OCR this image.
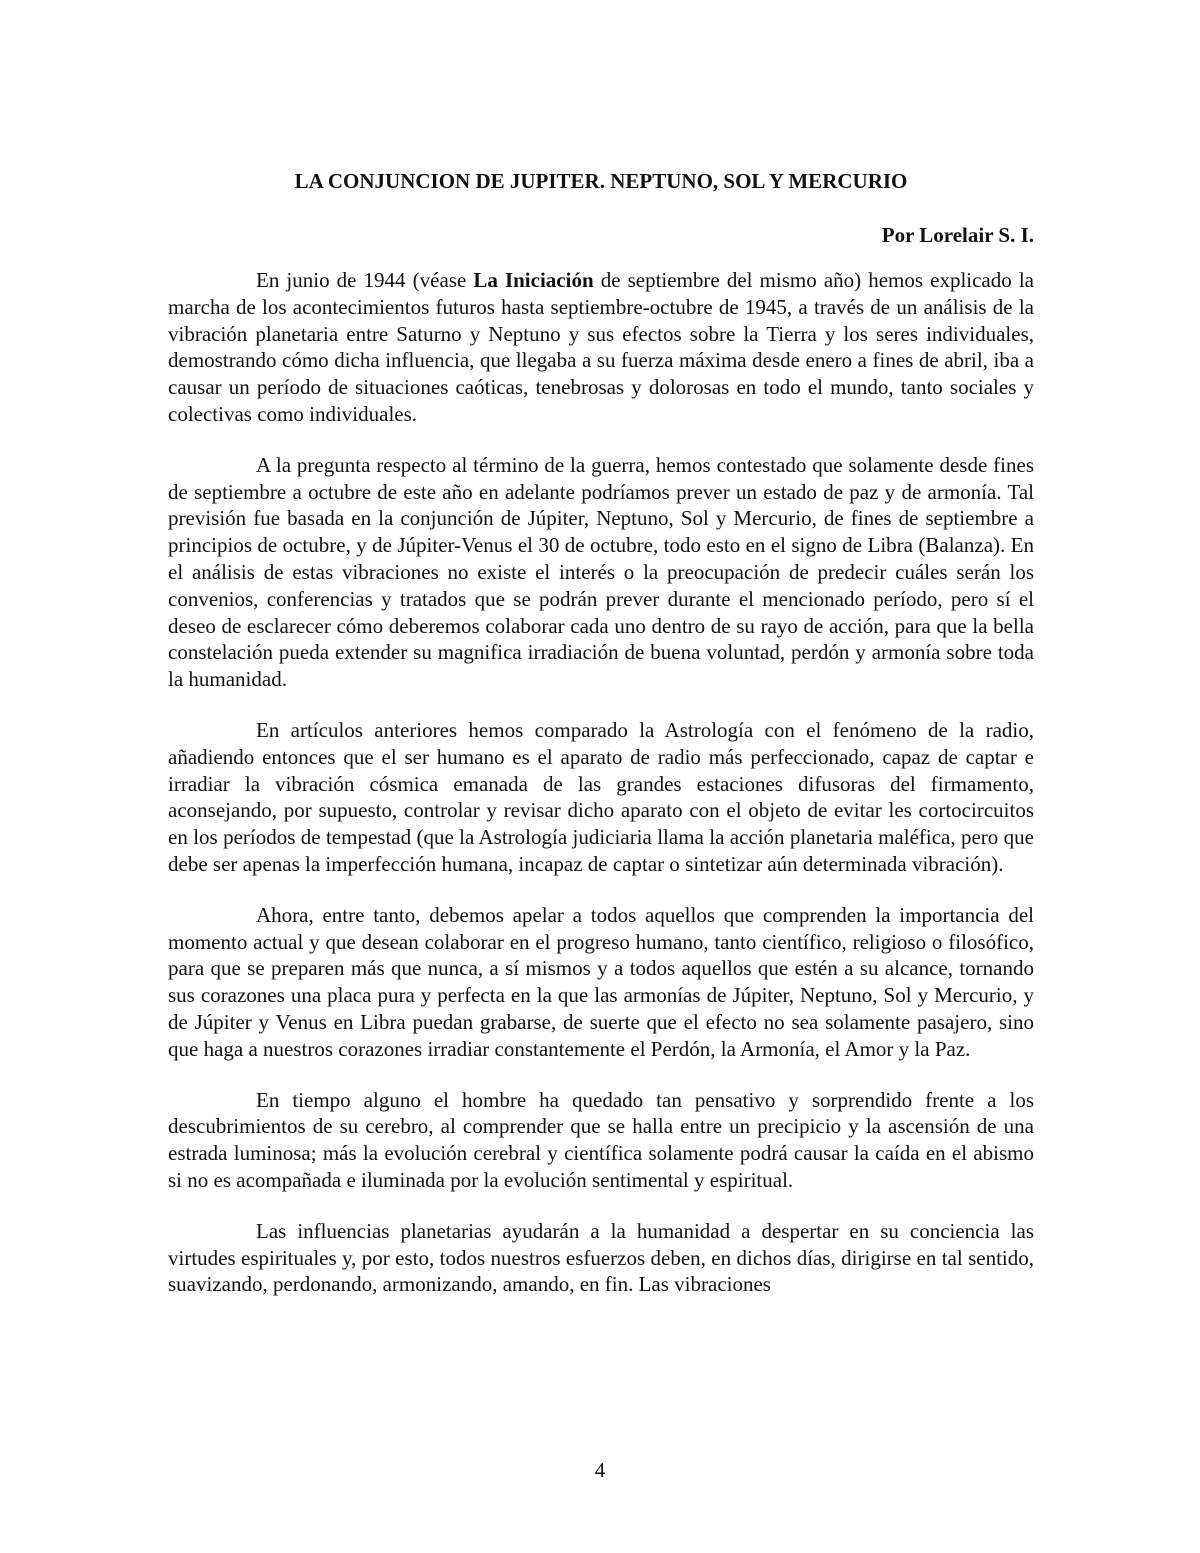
LA CONJUNCION DE JUPITER. NEPTUNO, SOL Y MERCURIO
Por Lorelair S. I.

En junio de 1944 (véase La Iniciación de septiembre del mismo año) hemos explicado la marcha de los acontecimientos futuros hasta septiembre-octubre de 1945, a través de un análisis de la vibración planetaria entre Saturno y Neptuno y sus efectos sobre la Tierra y los seres individuales, demostrando cómo dicha influencia, que llegaba a su fuerza máxima desde enero a fines de abril, iba a causar un período de situaciones caóticas, tenebrosas y dolorosas en todo el mundo, tanto sociales y colectivas como individuales.

A la pregunta respecto al término de la guerra, hemos contestado que solamente desde fines de septiembre a octubre de este año en adelante podríamos prever un estado de paz y de armonía. Tal previsión fue basada en la conjunción de Júpiter, Neptuno, Sol y Mercurio, de fines de septiembre a principios de octubre, y de Júpiter-Venus el 30 de octubre, todo esto en el signo de Libra (Balanza). En el análisis de estas vibraciones no existe el interés o la preocupación de predecir cuáles serán los convenios, conferencias y tratados que se podrán prever durante el mencionado período, pero sí el deseo de esclarecer cómo deberemos colaborar cada uno dentro de su rayo de acción, para que la bella constelación pueda extender su magnifica irradiación de buena voluntad, perdón y armonía sobre toda la humanidad.

En artículos anteriores hemos comparado la Astrología con el fenómeno de la radio, añadiendo entonces que el ser humano es el aparato de radio más perfeccionado, capaz de captar e irradiar la vibración cósmica emanada de las grandes estaciones difusoras del firmamento, aconsejando, por supuesto, controlar y revisar dicho aparato con el objeto de evitar les cortocircuitos en los períodos de tempestad (que la Astrología judiciaria llama la acción planetaria maléfica, pero que debe ser apenas la imperfección humana, incapaz de captar o sintetizar aún determinada vibración).

Ahora, entre tanto, debemos apelar a todos aquellos que comprenden la importancia del momento actual y que desean colaborar en el progreso humano, tanto científico, religioso o filosófico, para que se preparen más que nunca, a sí mismos y a todos aquellos que estén a su alcance, tornando sus corazones una placa pura y perfecta en la que las armonías de Júpiter, Neptuno, Sol y Mercurio, y de Júpiter y Venus en Libra puedan grabarse, de suerte que el efecto no sea solamente pasajero, sino que haga a nuestros corazones irradiar constantemente el Perdón, la Armonía, el Amor y la Paz.

En tiempo alguno el hombre ha quedado tan pensativo y sorprendido frente a los descubrimientos de su cerebro, al comprender que se halla entre un precipicio y la ascensión de una estrada luminosa; más la evolución cerebral y científica solamente podrá causar la caída en el abismo si no es acompañada e iluminada por la evolución sentimental y espiritual.

Las influencias planetarias ayudarán a la humanidad a despertar en su conciencia las virtudes espirituales y, por esto, todos nuestros esfuerzos deben, en dichos días, dirigirse en tal sentido, suavizando, perdonando, armonizando, amando, en fin. Las vibraciones

4
